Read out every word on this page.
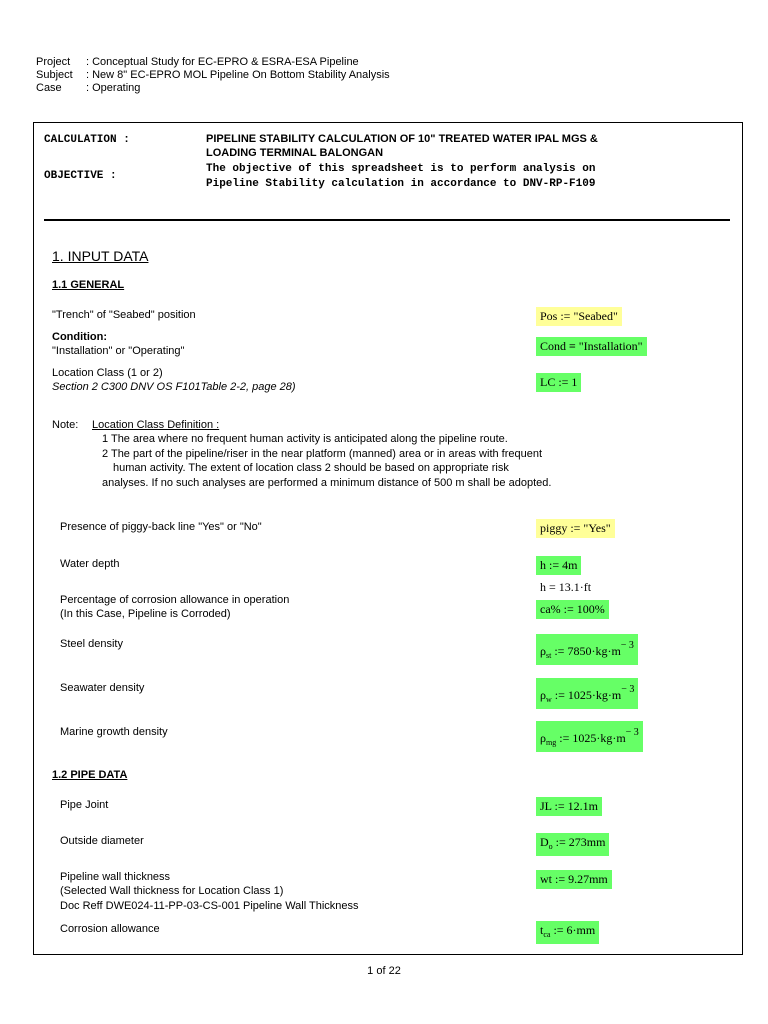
Project : Conceptual Study for EC-EPRO & ESRA-ESA Pipeline
Subject : New 8" EC-EPRO MOL Pipeline On Bottom Stability Analysis
Case : Operating
CALCULATION :	PIPELINE STABILITY CALCULATION OF 10" TREATED WATER IPAL MGS &
LOADING TERMINAL BALONGAN
OBJECTIVE :
The objective of this spreadsheet is to perform analysis on
Pipeline Stability calculation in accordance to DNV-RP-F109
1. INPUT DATA
1.1 GENERAL
"Trench" of "Seabed" position	Pos := "Seabed"
Condition:
"Installation" or "Operating"	Cond ≡ "Installation"
Location Class (1 or 2)
Section 2 C300 DNV OS F101Table 2-2, page 28)	LC := 1
Note: Location Class Definition :
1 The area where no frequent human activity is anticipated along the pipeline route.
2 The part of the pipeline/riser in the near platform (manned) area or in areas with frequent
human activity. The extent of location class 2 should be based on appropriate risk
analyses. If no such analyses are performed a minimum distance of 500 m shall be adopted.
Presence of piggy-back line "Yes" or "No"	piggy := "Yes"
Water depth	h := 4m
h = 13.1·ft
Percentage of corrosion allowance in operation
(In this Case, Pipeline is Corroded)	ca% := 100%
Steel density	$\rho_{st}$ := $7850\cdot kg\cdot m^{- 3}$
Seawater density	$\rho_w$ := $1025\cdot kg\cdot m^{- 3}$
Marine growth density	$\rho_{mg}$ := $1025\cdot kg\cdot m^{- 3}$
1.2 PIPE DATA
Pipe Joint	JL := 12.1m
Outside diameter	$D_o$ := 273mm
Pipeline wall thickness
(Selected Wall thickness for Location Class 1)
Doc Reff DWE024-11-PP-03-CS-001 Pipeline Wall Thickness
wt := 9.27mm
Corrosion allowance	$t_{ca}$ := 6·mm
1 of 22
